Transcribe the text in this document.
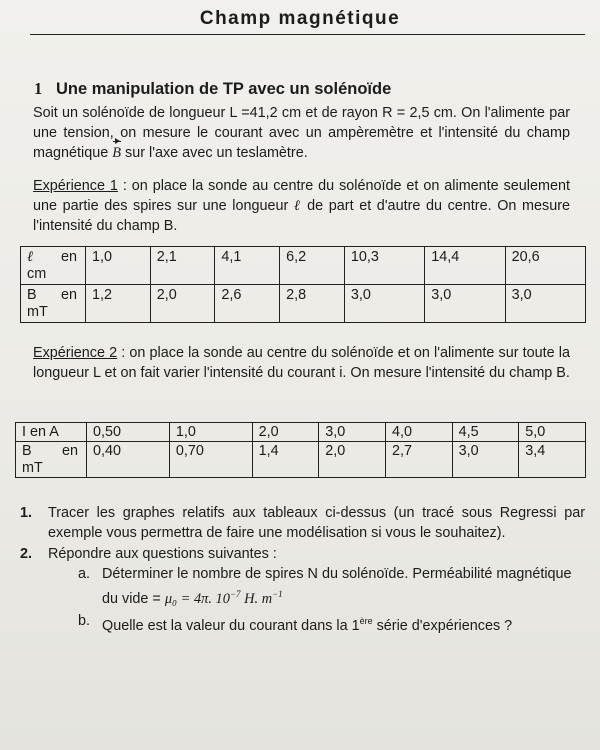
Champ magnétique
1 Une manipulation de TP avec un solénoïde
Soit un solénoïde de longueur L =41,2 cm et de rayon R = 2,5 cm. On l'alimente par une tension, on mesure le courant avec un ampèremètre et l'intensité du champ magnétique B sur l'axe avec un teslamètre.
Expérience 1 : on place la sonde au centre du solénoïde et on alimente seulement une partie des spires sur une longueur ℓ de part et d'autre du centre. On mesure l'intensité du champ B.
ℓ en
cm	1,0	2,1	4,1	6,2	10,3	14,4	20,6

B en
mT	1,2	2,0	2,6	2,8	3,0	3,0	3,0
Expérience 2 : on place la sonde au centre du solénoïde et on l'alimente sur toute la longueur L et on fait varier l'intensité du courant i. On mesure l'intensité du champ B.
I en A	0,50	1,0	2,0	3,0	4,0	4,5	5,0

B en
mT	0,40	0,70	1,4	2,0	2,7	3,0	3,4
1.	Tracer les graphes relatifs aux tableaux ci-dessus (un tracé sous Regressi par exemple vous permettra de faire une modélisation si vous le souhaitez).
2.	Répondre aux questions suivantes :
a. Déterminer le nombre de spires N du solénoïde. Perméabilité magnétique du vide = μ₀ = 4π. $10^{-7}$ H. $m^{-1}$
b. Quelle est la valeur du courant dans la 1ère série d'expériences ?
